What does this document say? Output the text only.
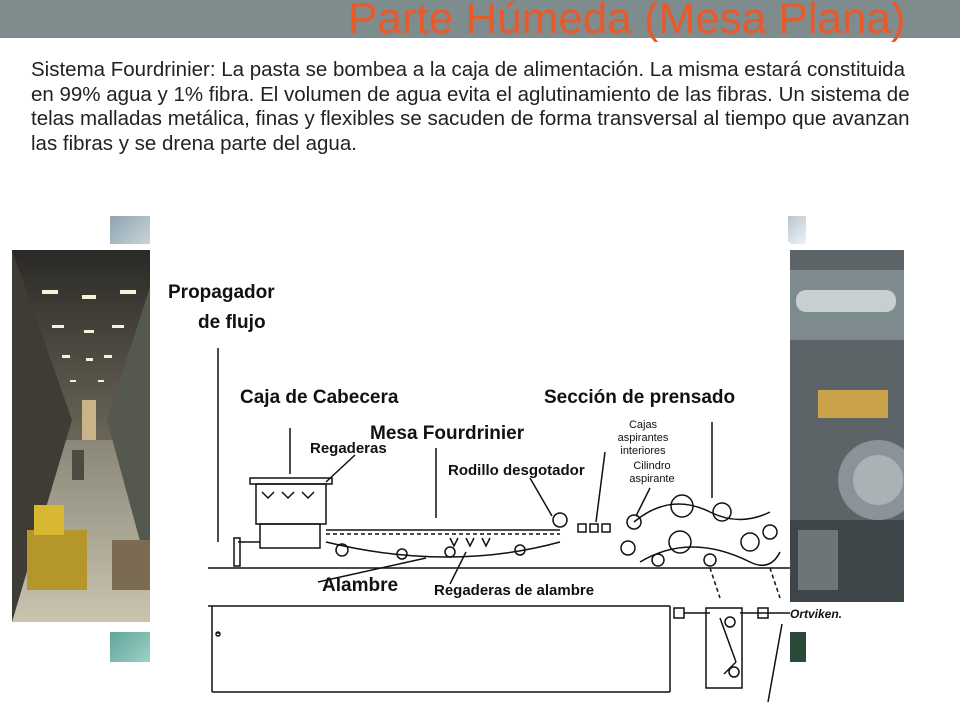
Parte Húmeda (Mesa Plana)

Sistema Fourdrinier: La pasta se bombea a la caja de alimentación. La misma estará constituida en 99% agua y 1% fibra. El volumen de agua evita el aglutinamiento de las fibras. Un sistema de telas malladas metálica, finas y flexibles se sacuden de forma transversal al tiempo que avanzan las fibras y se drena parte del agua.

Propagador
de flujo
Caja de Cabecera	Sección de prensado
Mesa Fourdrinier
Regaderas
Cajas
aspirantes
interiores
Rodillo desgotador	Cilindro
aspirante
Alambre Regaderas de alambre
Ortviken.
